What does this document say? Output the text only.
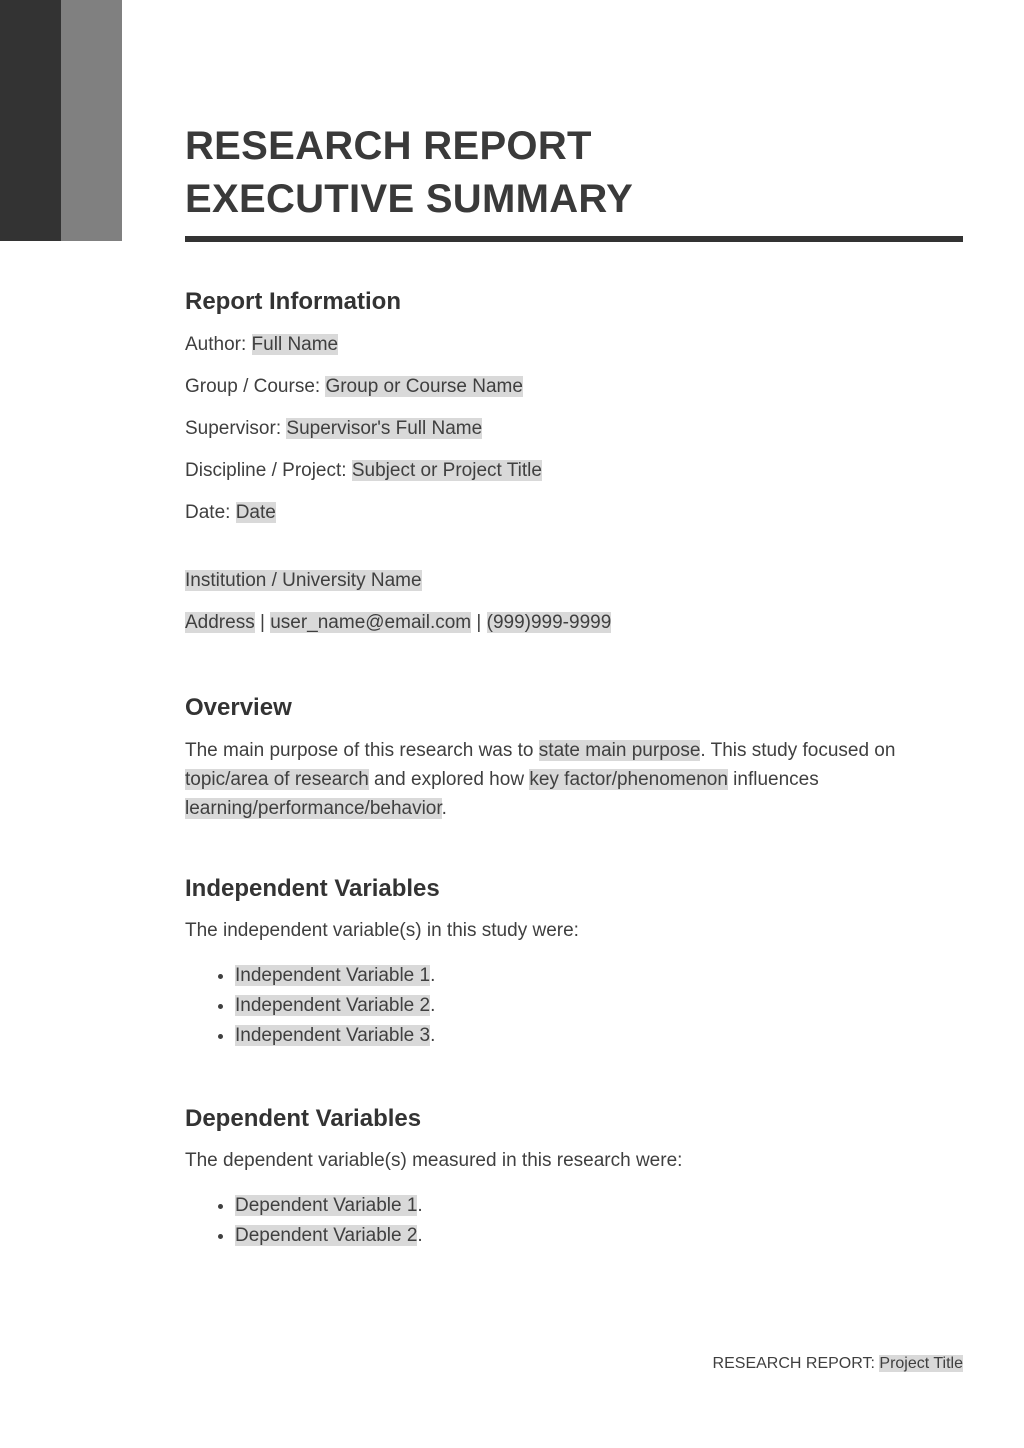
RESEARCH REPORT
EXECUTIVE SUMMARY
Report Information

Author: Full Name

Group / Course: Group or Course Name

Supervisor: Supervisor's Full Name

Discipline / Project: Subject or Project Title

Date: Date

Institution / University Name

Address | user_name@email.com | (999)999-9999

Overview

The main purpose of this research was to state main purpose. This study focused on topic/area of research and explored how key factor/phenomenon influences learning/performance/behavior.

Independent Variables

The independent variable(s) in this study were:

• Independent Variable 1.
• Independent Variable 2.
• Independent Variable 3.
Dependent Variables

The dependent variable(s) measured in this research were:

• Dependent Variable 1.
• Dependent Variable 2.
RESEARCH REPORT: Project Title
